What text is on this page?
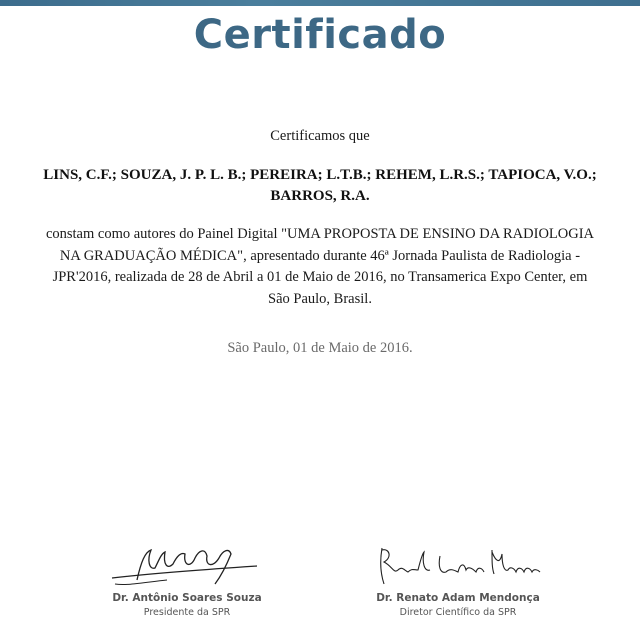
Certificado
Certificamos que
LINS, C.F.; SOUZA, J. P. L. B.; PEREIRA; L.T.B.; REHEM, L.R.S.; TAPIOCA, V.O.; BARROS, R.A.
constam como autores do Painel Digital "UMA PROPOSTA DE ENSINO DA RADIOLOGIA NA GRADUAÇÃO MÉDICA", apresentado durante 46ª Jornada Paulista de Radiologia - JPR'2016, realizada de 28 de Abril a 01 de Maio de 2016, no Transamerica Expo Center, em São Paulo, Brasil.
São Paulo, 01 de Maio de 2016.
Dr. Antônio Soares Souza
Presidente da SPR
Dr. Renato Adam Mendonça
Diretor Científico da SPR
